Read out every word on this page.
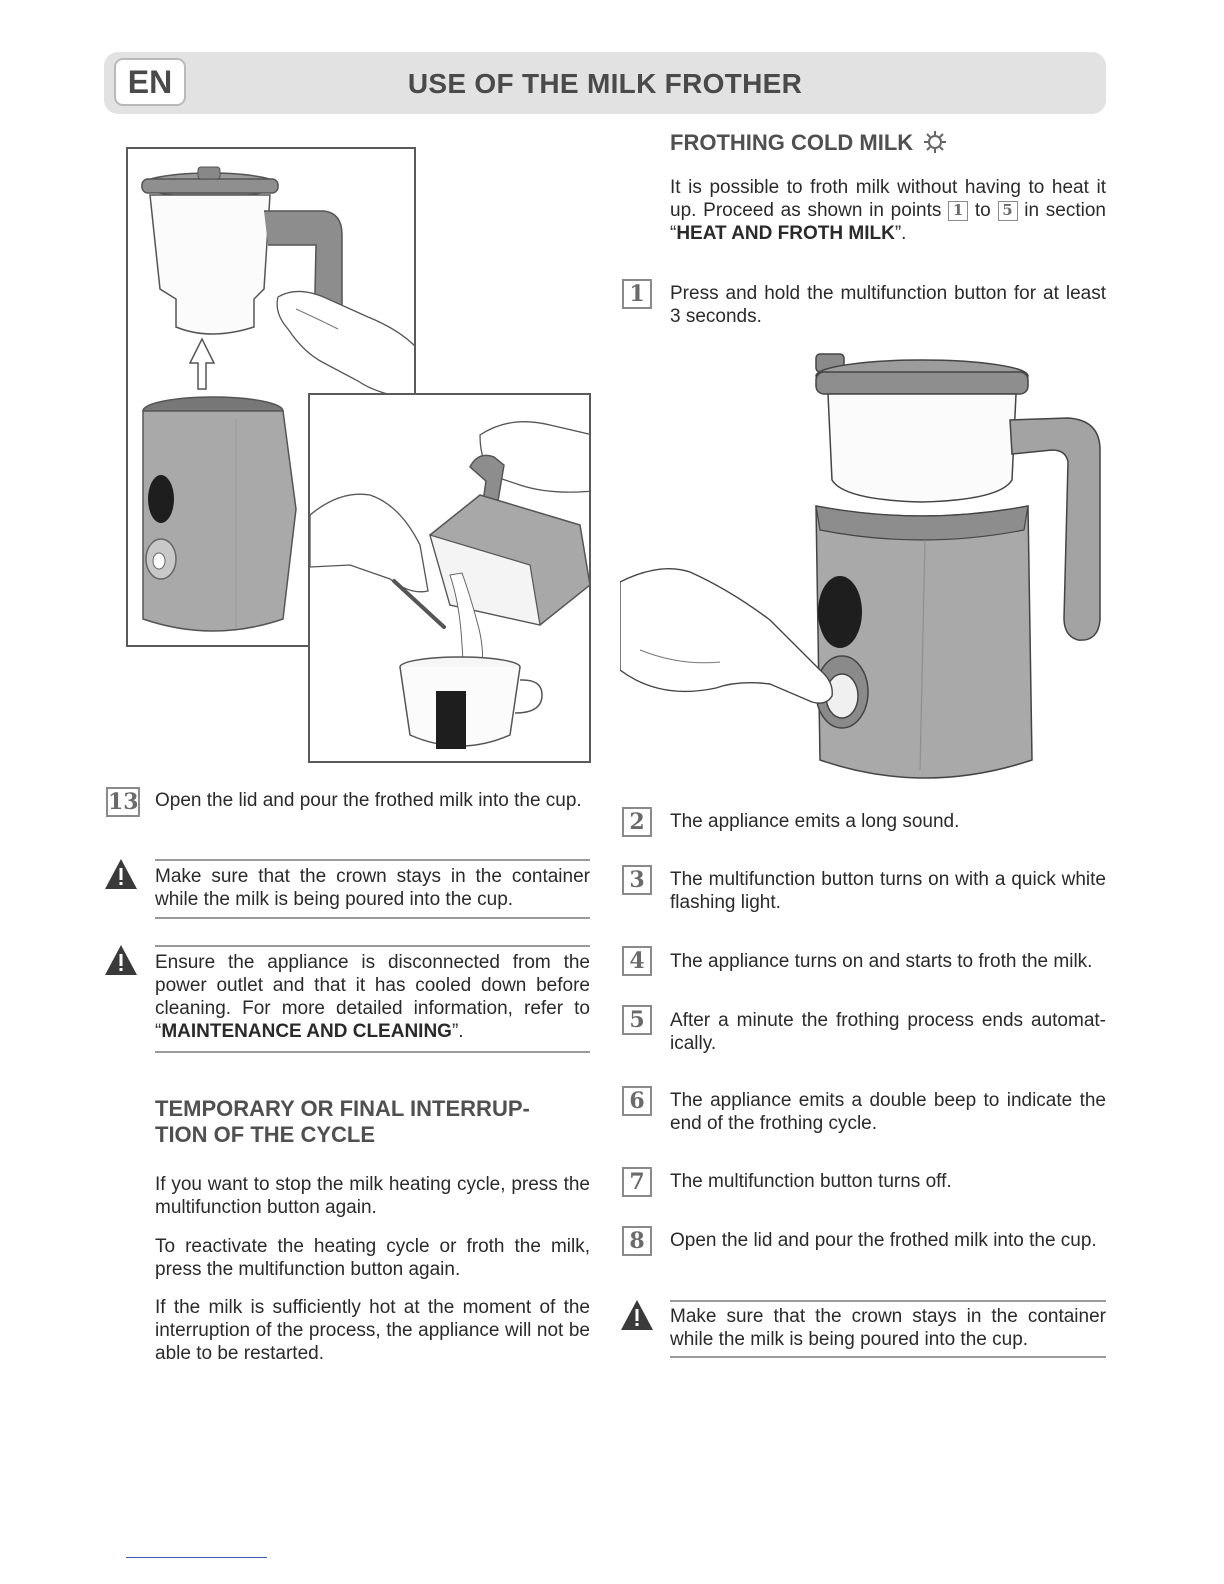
EN	USE OF THE MILK FROTHER
13 Open the lid and pour the frothed milk into the cup.
Make sure that the crown stays in the container while the milk is being poured into the cup.
Ensure the appliance is disconnected from the power outlet and that it has cooled down before cleaning. For more detailed information, refer to “MAINTENANCE AND CLEANING”.
TEMPORARY OR FINAL INTERRUP-
TION OF THE CYCLE
If you want to stop the milk heating cycle, press the multifunction button again.
To reactivate the heating cycle or froth the milk, press the multifunction button again.
If the milk is sufficiently hot at the moment of the interruption of the process, the appliance will not be able to be restarted.
FROTHING COLD MILK
It is possible to froth milk without having to heat it up. Proceed as shown in points 1 to 5 in section “HEAT AND FROTH MILK”.
1	Press and hold the multifunction button for at least 3 seconds.
2	The appliance emits a long sound.
3	The multifunction button turns on with a quick white flashing light.
4	The appliance turns on and starts to froth the milk.
5	After a minute the frothing process ends automat-ically.
6	The appliance emits a double beep to indicate the end of the frothing cycle.
7	The multifunction button turns off.
8	Open the lid and pour the frothed milk into the cup.
Make sure that the crown stays in the container while the milk is being poured into the cup.
